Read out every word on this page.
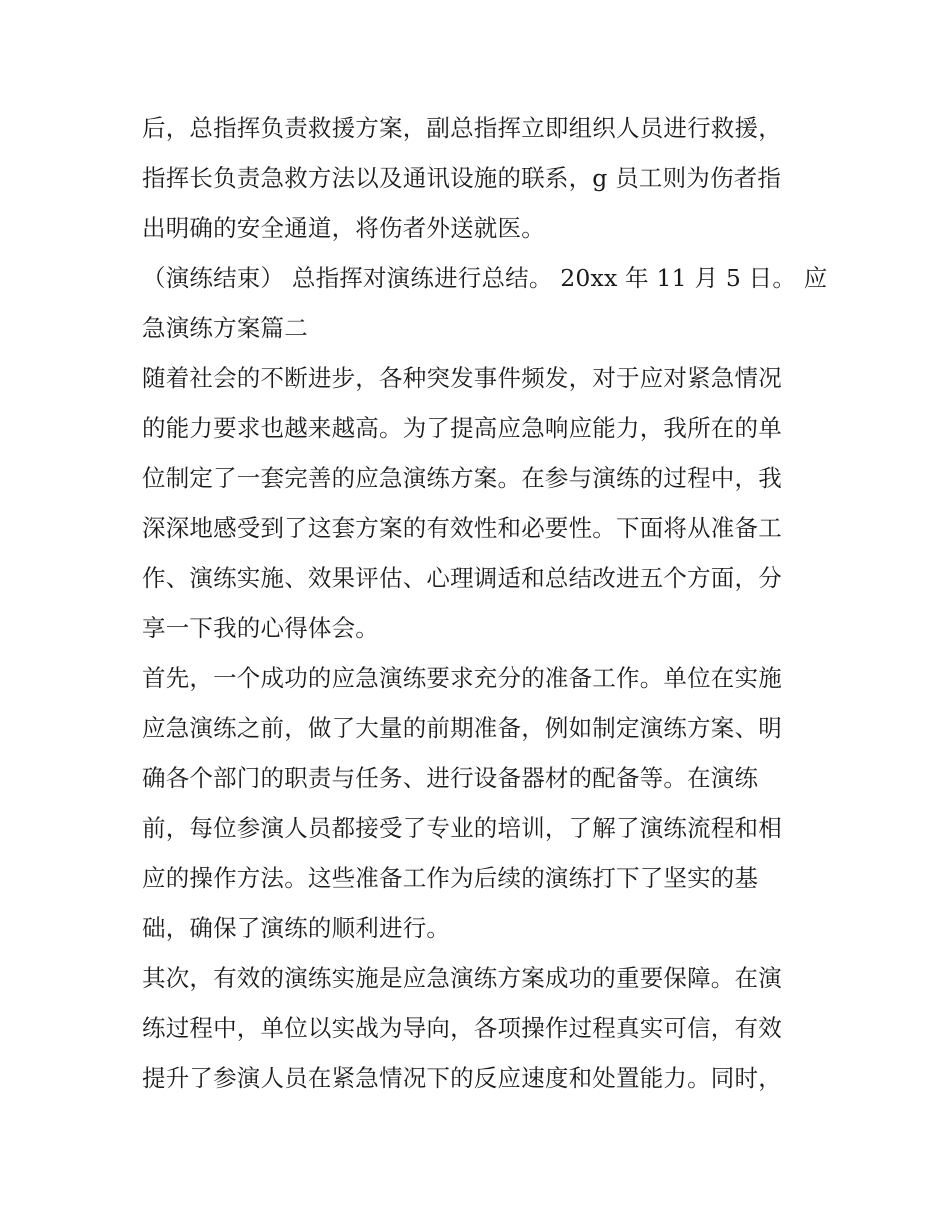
后，总指挥负责救援方案，副总指挥立即组织人员进行救援，
指挥长负责急救方法以及通讯设施的联系，g 员工则为伤者指
出明确的安全通道，将伤者外送就医。
（演练结束） 总指挥对演练进行总结。 20xx 年 11 月 5 日。 应
急演练方案篇二
随着社会的不断进步，各种突发事件频发，对于应对紧急情况
的能力要求也越来越高。为了提高应急响应能力，我所在的单
位制定了一套完善的应急演练方案。在参与演练的过程中，我
深深地感受到了这套方案的有效性和必要性。下面将从准备工
作、演练实施、效果评估、心理调适和总结改进五个方面，分
享一下我的心得体会。
首先，一个成功的应急演练要求充分的准备工作。单位在实施
应急演练之前，做了大量的前期准备，例如制定演练方案、明
确各个部门的职责与任务、进行设备器材的配备等。在演练
前，每位参演人员都接受了专业的培训，了解了演练流程和相
应的操作方法。这些准备工作为后续的演练打下了坚实的基
础，确保了演练的顺利进行。
其次，有效的演练实施是应急演练方案成功的重要保障。在演
练过程中，单位以实战为导向，各项操作过程真实可信，有效
提升了参演人员在紧急情况下的反应速度和处置能力。同时，
